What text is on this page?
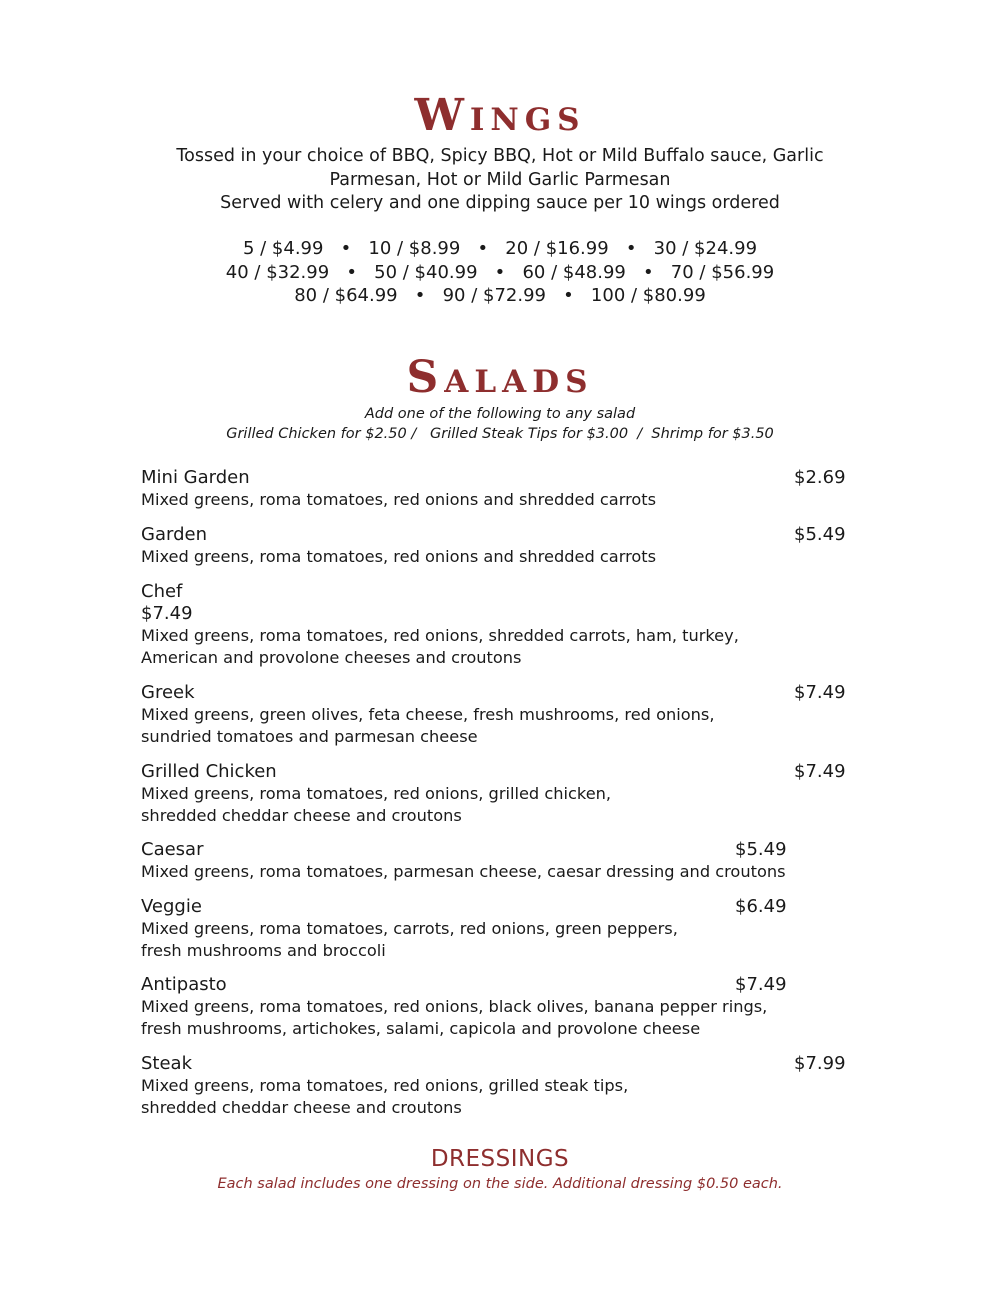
Wings
Tossed in your choice of BBQ, Spicy BBQ, Hot or Mild Buffalo sauce, Garlic
Parmesan, Hot or Mild Garlic Parmesan
Served with celery and one dipping sauce per 10 wings ordered
5 / $4.99   •   10 / $8.99   •   20 / $16.99   •   30 / $24.99
40 / $32.99   •   50 / $40.99   •   60 / $48.99   •   70 / $56.99
80 / $64.99   •   90 / $72.99   •   100 / $80.99
Salads
Add one of the following to any salad
Grilled Chicken for $2.50 /   Grilled Steak Tips for $3.00  /  Shrimp for $3.50
Mini Garden	$2.69
Mixed greens, roma tomatoes, red onions and shredded carrots
Garden	$5.49
Mixed greens, roma tomatoes, red onions and shredded carrots
Chef
$7.49
Mixed greens, roma tomatoes, red onions, shredded carrots, ham, turkey,
American and provolone cheeses and croutons
Greek	$7.49
Mixed greens, green olives, feta cheese, fresh mushrooms, red onions,
sundried tomatoes and parmesan cheese
Grilled Chicken	$7.49
Mixed greens, roma tomatoes, red onions, grilled chicken,
shredded cheddar cheese and croutons
Caesar	$5.49
Mixed greens, roma tomatoes, parmesan cheese, caesar dressing and croutons
Veggie	$6.49
Mixed greens, roma tomatoes, carrots, red onions, green peppers,
fresh mushrooms and broccoli
Antipasto	$7.49
Mixed greens, roma tomatoes, red onions, black olives, banana pepper rings,
fresh mushrooms, artichokes, salami, capicola and provolone cheese
Steak	$7.99
Mixed greens, roma tomatoes, red onions, grilled steak tips,
shredded cheddar cheese and croutons
DRESSINGS
Each salad includes one dressing on the side. Additional dressing $0.50 each.
